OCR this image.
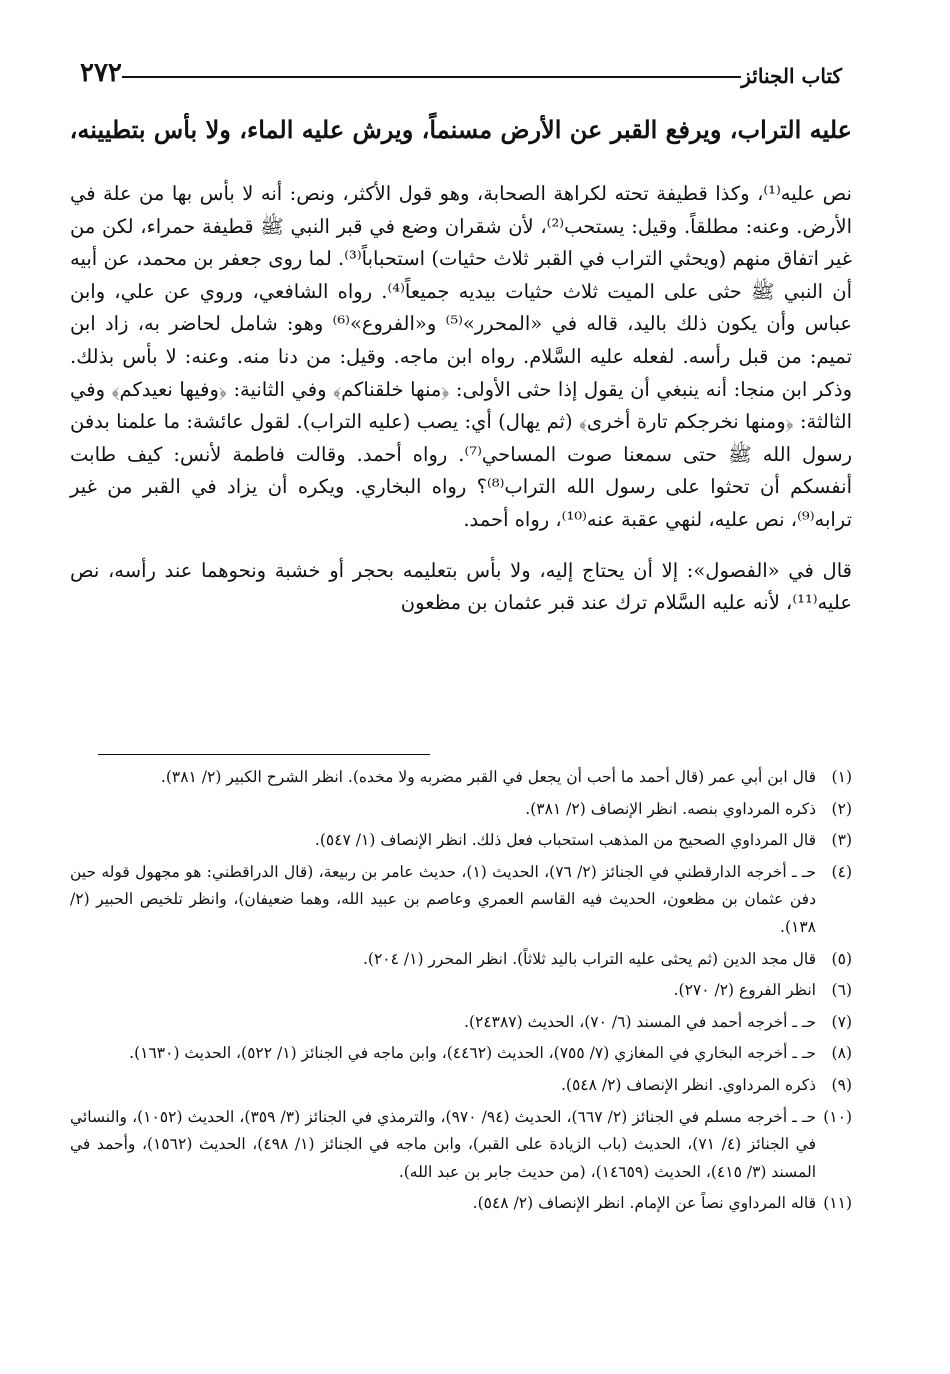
كتاب الجنائز
٢٧٢
عليه التراب، ويرفع القبر عن الأرض مسنماً، ويرش عليه الماء، ولا بأس بتطيينه،

نص عليه⁽¹⁾، وكذا قطيفة تحته لكراهة الصحابة، وهو قول الأكثر، ونص: أنه لا بأس بها من علة في الأرض. وعنه: مطلقاً. وقيل: يستحب⁽²⁾، لأن شقران وضع في قبر النبي ﷺ قطيفة حمراء، لكن من غير اتفاق منهم (ويحثي التراب في القبر ثلاث حثيات) استحباباً⁽³⁾. لما روى جعفر بن محمد، عن أبيه أن النبي ﷺ حثى على الميت ثلاث حثيات بيديه جميعاً⁽⁴⁾. رواه الشافعي، وروي عن علي، وابن عباس وأن يكون ذلك باليد، قاله في «المحرر»⁽⁵⁾ و«الفروع»⁽⁶⁾ وهو: شامل لحاضر به، زاد ابن تميم: من قبل رأسه. لفعله عليه السَّلام. رواه ابن ماجه. وقيل: من دنا منه. وعنه: لا بأس بذلك. وذكر ابن منجا: أنه ينبغي أن يقول إذا حثى الأولى: ﴿منها خلقناكم﴾ وفي الثانية: ﴿وفيها نعيدكم﴾ وفي الثالثة: ﴿ومنها نخرجكم تارة أخرى﴾ (ثم يهال) أي: يصب (عليه التراب). لقول عائشة: ما علمنا بدفن رسول الله ﷺ حتى سمعنا صوت المساحي⁽⁷⁾. رواه أحمد. وقالت فاطمة لأنس: كيف طابت أنفسكم أن تحثوا على رسول الله التراب⁽⁸⁾؟ رواه البخاري. ويكره أن يزاد في القبر من غير ترابه⁽⁹⁾، نص عليه، لنهي عقبة عنه⁽¹⁰⁾، رواه أحمد.

قال في «الفصول»: إلا أن يحتاج إليه، ولا بأس بتعليمه بحجر أو خشبة ونحوهما عند رأسه، نص عليه⁽¹¹⁾، لأنه عليه السَّلام ترك عند قبر عثمان بن مظعون

(١)
قال ابن أبي عمر (قال أحمد ما أحب أن يجعل في القبر مضربه ولا مخده). انظر الشرح الكبير (٢/ ٣٨١).
(٢)
ذكره المرداوي بنصه. انظر الإنصاف (٢/ ٣٨١).
(٣)
قال المرداوي الصحيح من المذهب استحباب فعل ذلك. انظر الإنصاف (١/ ٥٤٧).
(٤)
حـ ـ أخرجه الدارقطني في الجنائز (٢/ ٧٦)، الحديث (١)، حديث عامر بن ربيعة، (قال الدراقطني: هو مجهول قوله حين دفن عثمان بن مظعون، الحديث فيه القاسم العمري وعاصم بن عبيد الله، وهما ضعيفان)، وانظر تلخيص الحبير (٢/ ١٣٨).
(٥)
قال مجد الدين (ثم يحثى عليه التراب باليد ثلاثاً). انظر المحرر (١/ ٢٠٤).
(٦)
انظر الفروع (٢/ ٢٧٠).
(٧)
حـ ـ أخرجه أحمد في المسند (٦/ ٧٠)، الحديث (٢٤٣٨٧).
(٨)
حـ ـ أخرجه البخاري في المغازي (٧/ ٧٥٥)، الحديث (٤٤٦٢)، وابن ماجه في الجنائز (١/ ٥٢٢)، الحديث (١٦٣٠).
(٩)
ذكره المرداوي. انظر الإنصاف (٢/ ٥٤٨).
(١٠)
حـ ـ أخرجه مسلم في الجنائز (٢/ ٦٦٧)، الحديث (٩٤/ ٩٧٠)، والترمذي في الجنائز (٣/ ٣٥٩)، الحديث (١٠٥٢)، والنسائي في الجنائز (٤/ ٧١)، الحديث (باب الزيادة على القبر)، وابن ماجه في الجنائز (١/ ٤٩٨)، الحديث (١٥٦٢)، وأحمد في المسند (٣/ ٤١٥)، الحديث (١٤٦٥٩)، (من حديث جابر بن عبد الله).
(١١)
قاله المرداوي نصاً عن الإمام. انظر الإنصاف (٢/ ٥٤٨).
